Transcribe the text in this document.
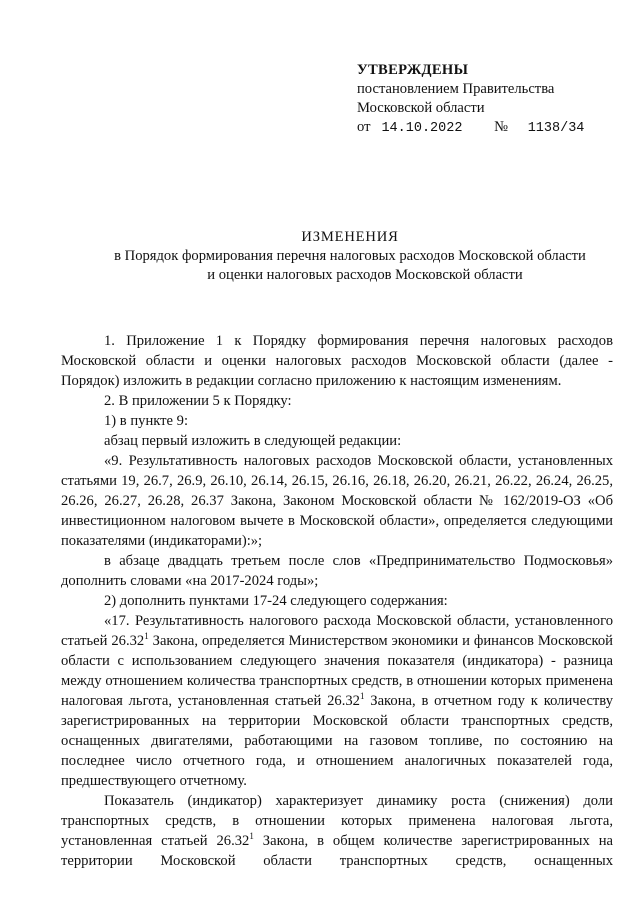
УТВЕРЖДЕНЫ
постановлением Правительства
Московской области
от 14.10.2022 № 1138/34
ИЗМЕНЕНИЯ
в Порядок формирования перечня налоговых расходов Московской области
и оценки налоговых расходов Московской области

1. Приложение 1 к Порядку формирования перечня налоговых расходов Московской области и оценки налоговых расходов Московской области (далее - Порядок) изложить в редакции согласно приложению к настоящим изменениям.

2. В приложении 5 к Порядку:

1) в пункте 9:

абзац первый изложить в следующей редакции:

«9. Результативность налоговых расходов Московской области, установленных статьями 19, 26.7, 26.9, 26.10, 26.14, 26.15, 26.16, 26.18, 26.20, 26.21, 26.22, 26.24, 26.25, 26.26, 26.27, 26.28, 26.37 Закона, Законом Московской области № 162/2019-ОЗ «Об инвестиционном налоговом вычете в Московской области», определяется следующими показателями (индикаторами):»;

в абзаце двадцать третьем после слов «Предпринимательство Подмосковья» дополнить словами «на 2017-2024 годы»;

2) дополнить пунктами 17-24 следующего содержания:

«17. Результативность налогового расхода Московской области, установленного статьей 26.32$^1$ Закона, определяется Министерством экономики и финансов Московской области с использованием следующего значения показателя (индикатора) - разница между отношением количества транспортных средств, в отношении которых применена налоговая льгота, установленная статьей 26.32$^1$ Закона, в отчетном году к количеству зарегистрированных на территории Московской области транспортных средств, оснащенных двигателями, работающими на газовом топливе, по состоянию на последнее число отчетного года, и отношением аналогичных показателей года, предшествующего отчетному.

Показатель (индикатор) характеризует динамику роста (снижения) доли транспортных средств, в отношении которых применена налоговая льгота, установленная статьей 26.32$^1$ Закона, в общем количестве зарегистрированных на территории Московской области транспортных средств, оснащенных
